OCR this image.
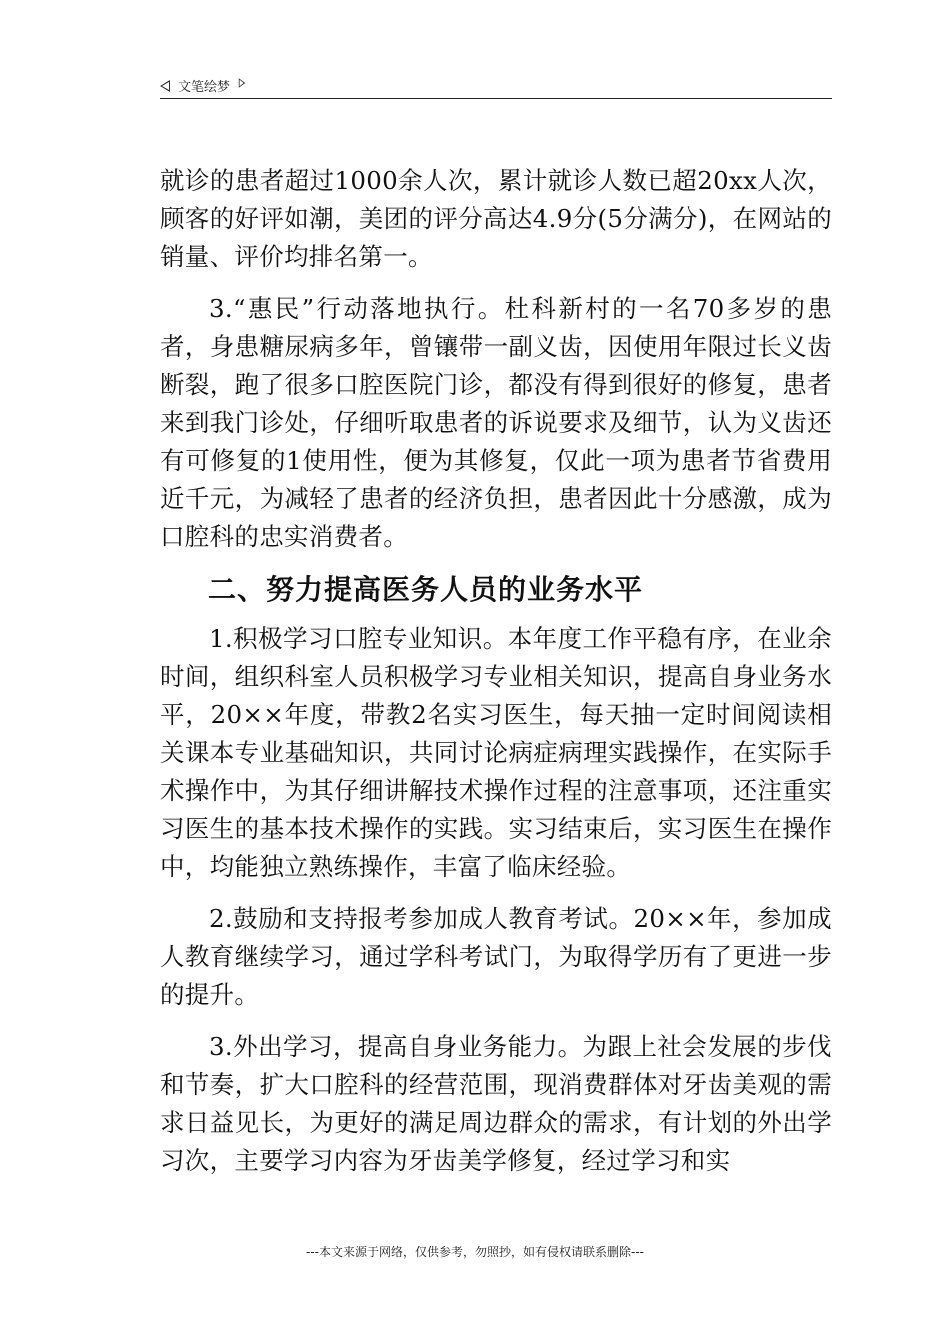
文笔绘梦

就诊的患者超过1000余人次，累计就诊人数已超20xx人次，顾客的好评如潮，美团的评分高达4.9分(5分满分)，在网站的销量、评价均排名第一。

3.“惠民”行动落地执行。杜科新村的一名70多岁的患者，身患糖尿病多年，曾镶带一副义齿，因使用年限过长义齿断裂，跑了很多口腔医院门诊，都没有得到很好的修复，患者来到我门诊处，仔细听取患者的诉说要求及细节，认为义齿还有可修复的1使用性，便为其修复，仅此一项为患者节省费用近千元，为减轻了患者的经济负担，患者因此十分感激，成为口腔科的忠实消费者。

二、努力提高医务人员的业务水平

1.积极学习口腔专业知识。本年度工作平稳有序，在业余时间，组织科室人员积极学习专业相关知识，提高自身业务水平，20××年度，带教2名实习医生，每天抽一定时间阅读相关课本专业基础知识，共同讨论病症病理实践操作，在实际手术操作中，为其仔细讲解技术操作过程的注意事项，还注重实习医生的基本技术操作的实践。实习结束后，实习医生在操作中，均能独立熟练操作，丰富了临床经验。

2.鼓励和支持报考参加成人教育考试。20××年，参加成人教育继续学习，通过学科考试门，为取得学历有了更进一步的提升。

3.外出学习，提高自身业务能力。为跟上社会发展的步伐和节奏，扩大口腔科的经营范围，现消费群体对牙齿美观的需求日益见长，为更好的满足周边群众的需求，有计划的外出学习次，主要学习内容为牙齿美学修复，经过学习和实

---本文来源于网络，仅供参考，勿照抄，如有侵权请联系删除---
